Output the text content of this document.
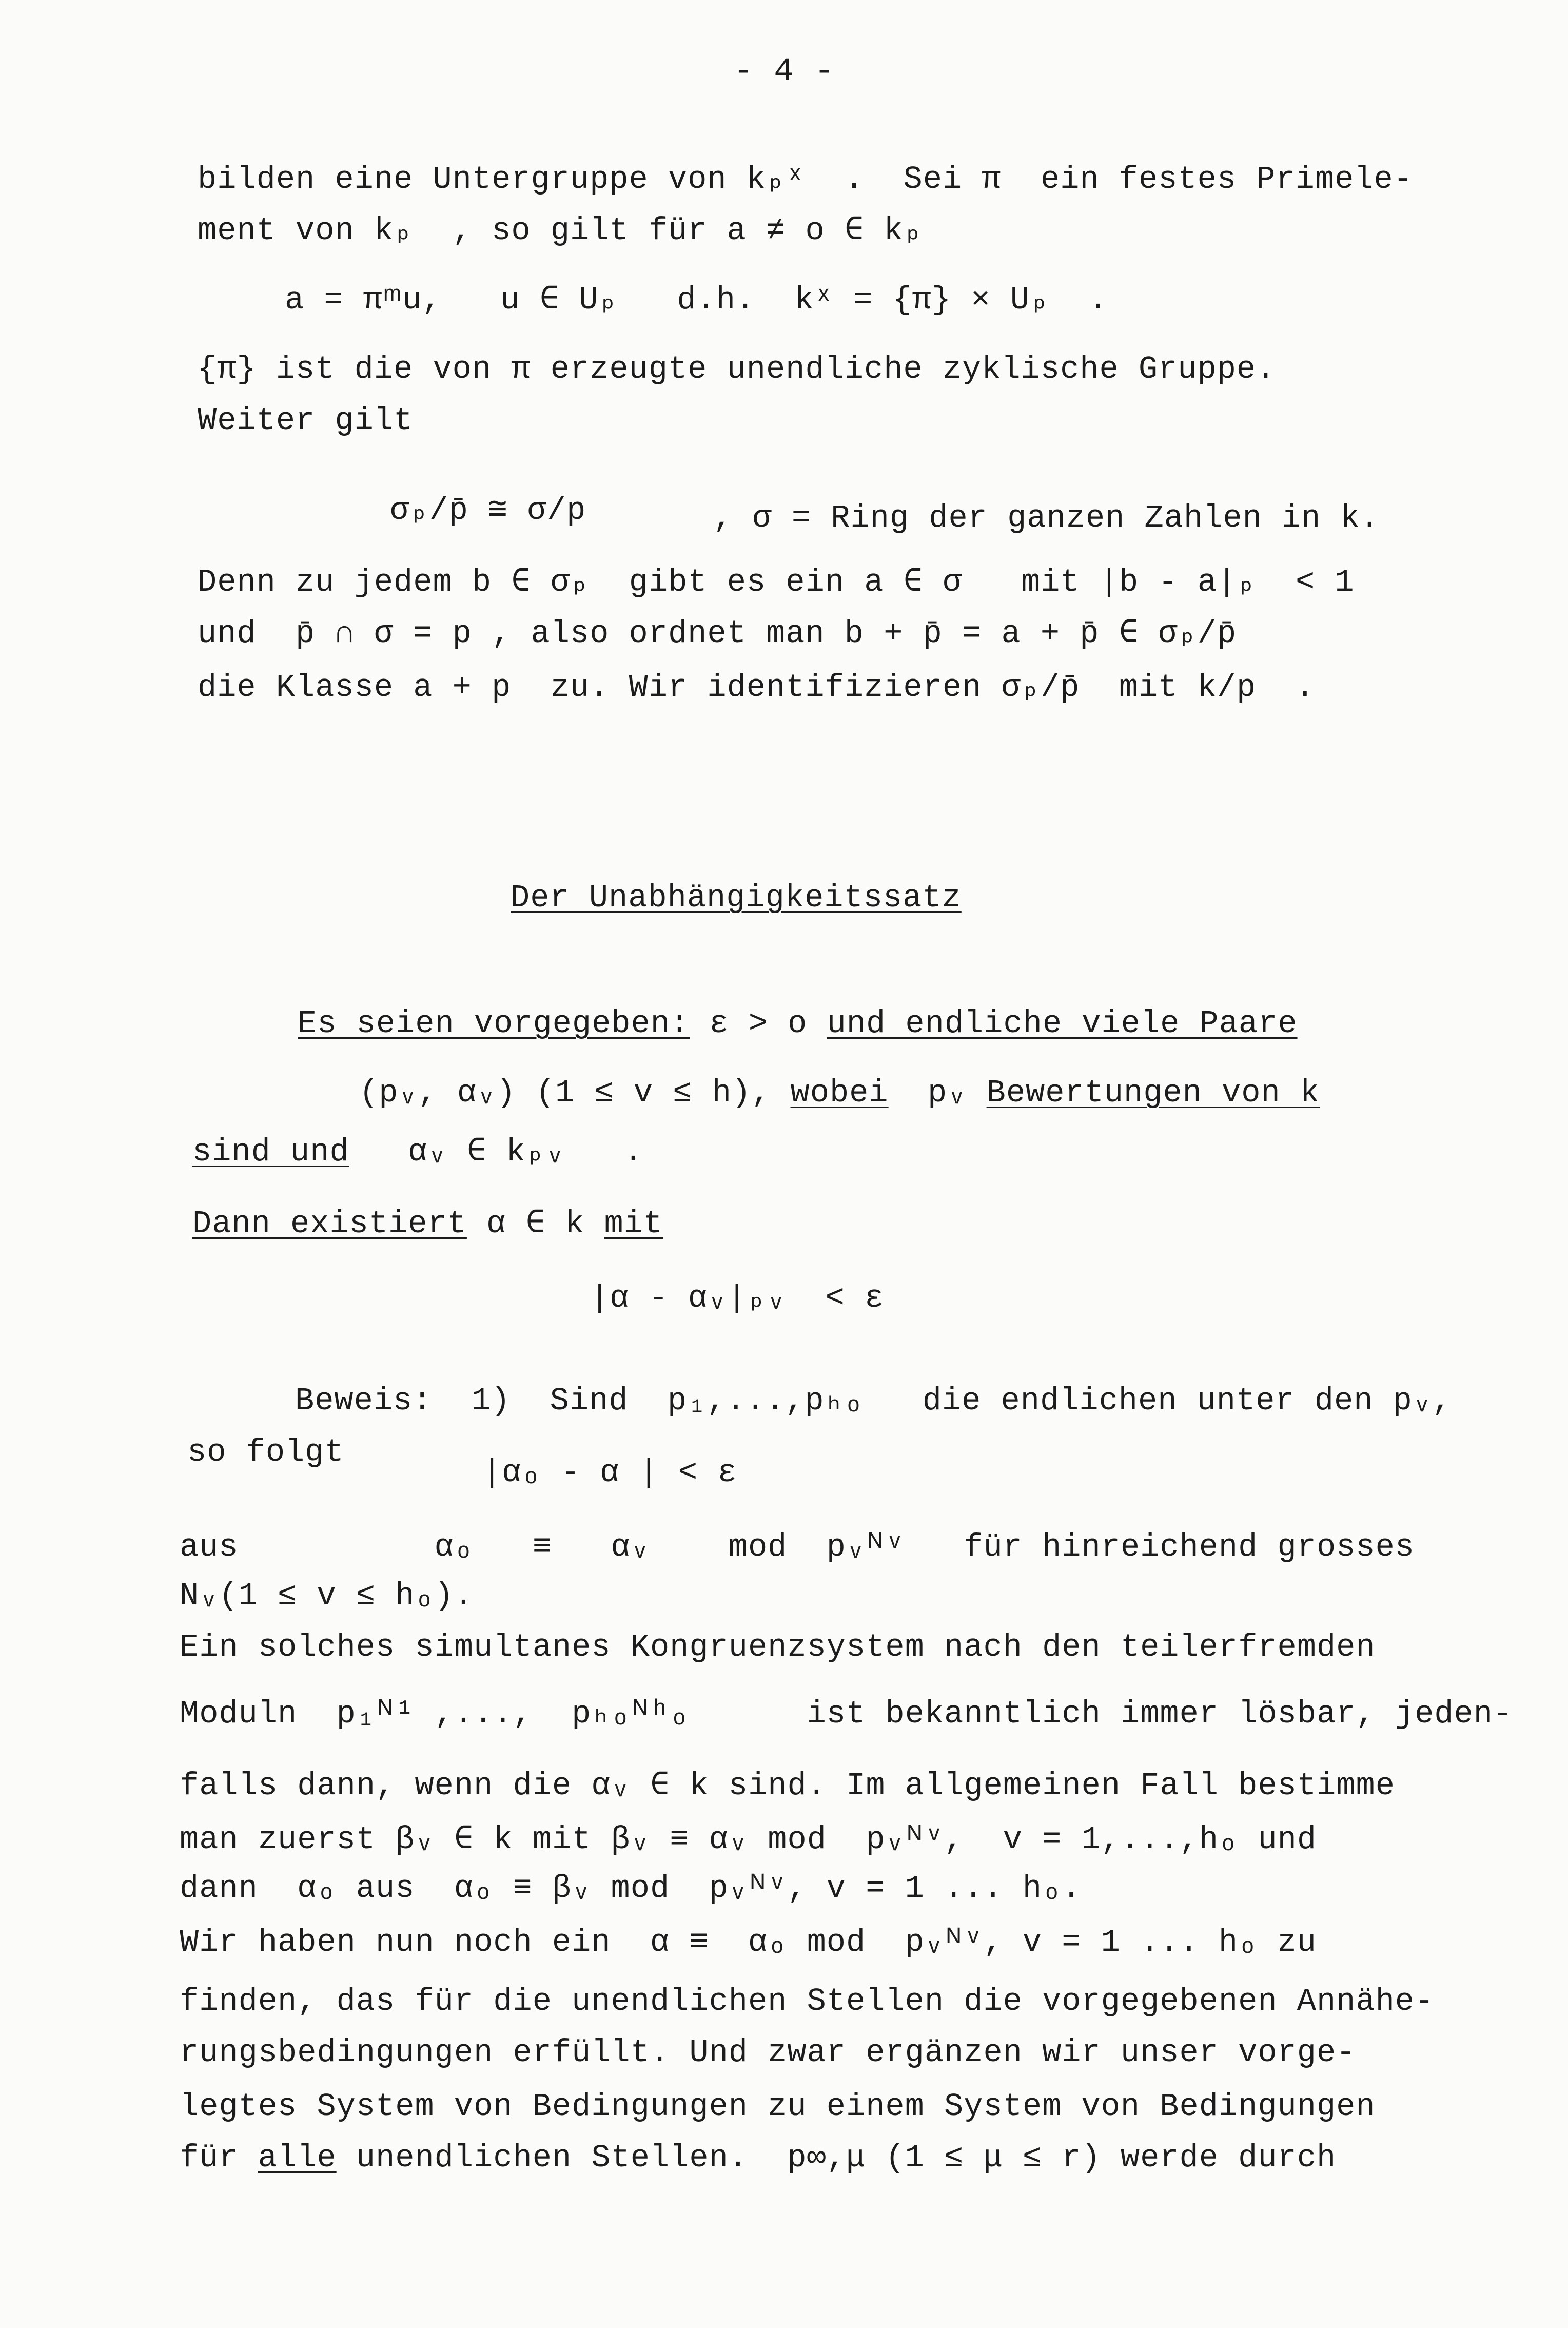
- 4 -
bilden eine Untergruppe von kₚˣ  .  Sei π  ein festes Primele-
ment von kₚ  , so gilt für a ≠ o ∈ kₚ
a = πᵐu,   u ∈ Uₚ   d.h.  kˣ = {π} × Uₚ  .
{π} ist die von π erzeugte unendliche zyklische Gruppe.
Weiter gilt
σₚ/p̄ ≅ σ/p	, σ = Ring der ganzen Zahlen in k.
Denn zu jedem b ∈ σₚ  gibt es ein a ∈ σ   mit |b - a|ₚ  < 1
und  p̄ ∩ σ = p , also ordnet man b + p̄ = a + p̄ ∈ σₚ/p̄
die Klasse a + p  zu. Wir identifizieren σₚ/p̄  mit k/p  .
Der Unabhängigkeitssatz
Es seien vorgegeben: ε > o und endliche viele Paare
(pᵥ, αᵥ) (1 ≤ v ≤ h), wobei  pᵥ Bewertungen von k
sind und   αᵥ ∈ kₚᵥ   .
Dann existiert α ∈ k mit
|α - αᵥ|ₚᵥ  < ε
Beweis:  1)  Sind  p₁,...,pₕₒ   die endlichen unter den pᵥ,
so folgt
|αₒ - α | < ε
aus          αₒ   ≡   αᵥ    mod  pᵥᴺᵛ   für hinreichend grosses
Nᵥ(1 ≤ v ≤ hₒ).
Ein solches simultanes Kongruenzsystem nach den teilerfremden
Moduln  p₁ᴺ¹ ,...,  pₕₒᴺʰₒ      ist bekanntlich immer lösbar, jeden-
falls dann, wenn die αᵥ ∈ k sind. Im allgemeinen Fall bestimme
man zuerst βᵥ ∈ k mit βᵥ ≡ αᵥ mod  pᵥᴺᵛ,  v = 1,...,hₒ und
dann  αₒ aus  αₒ ≡ βᵥ mod  pᵥᴺᵛ, v = 1 ... hₒ.
Wir haben nun noch ein  α ≡  αₒ mod  pᵥᴺᵛ, v = 1 ... hₒ zu
finden, das für die unendlichen Stellen die vorgegebenen Annähe-
rungsbedingungen erfüllt. Und zwar ergänzen wir unser vorge-
legtes System von Bedingungen zu einem System von Bedingungen
für alle unendlichen Stellen.  p∞,μ (1 ≤ μ ≤ r) werde durch
